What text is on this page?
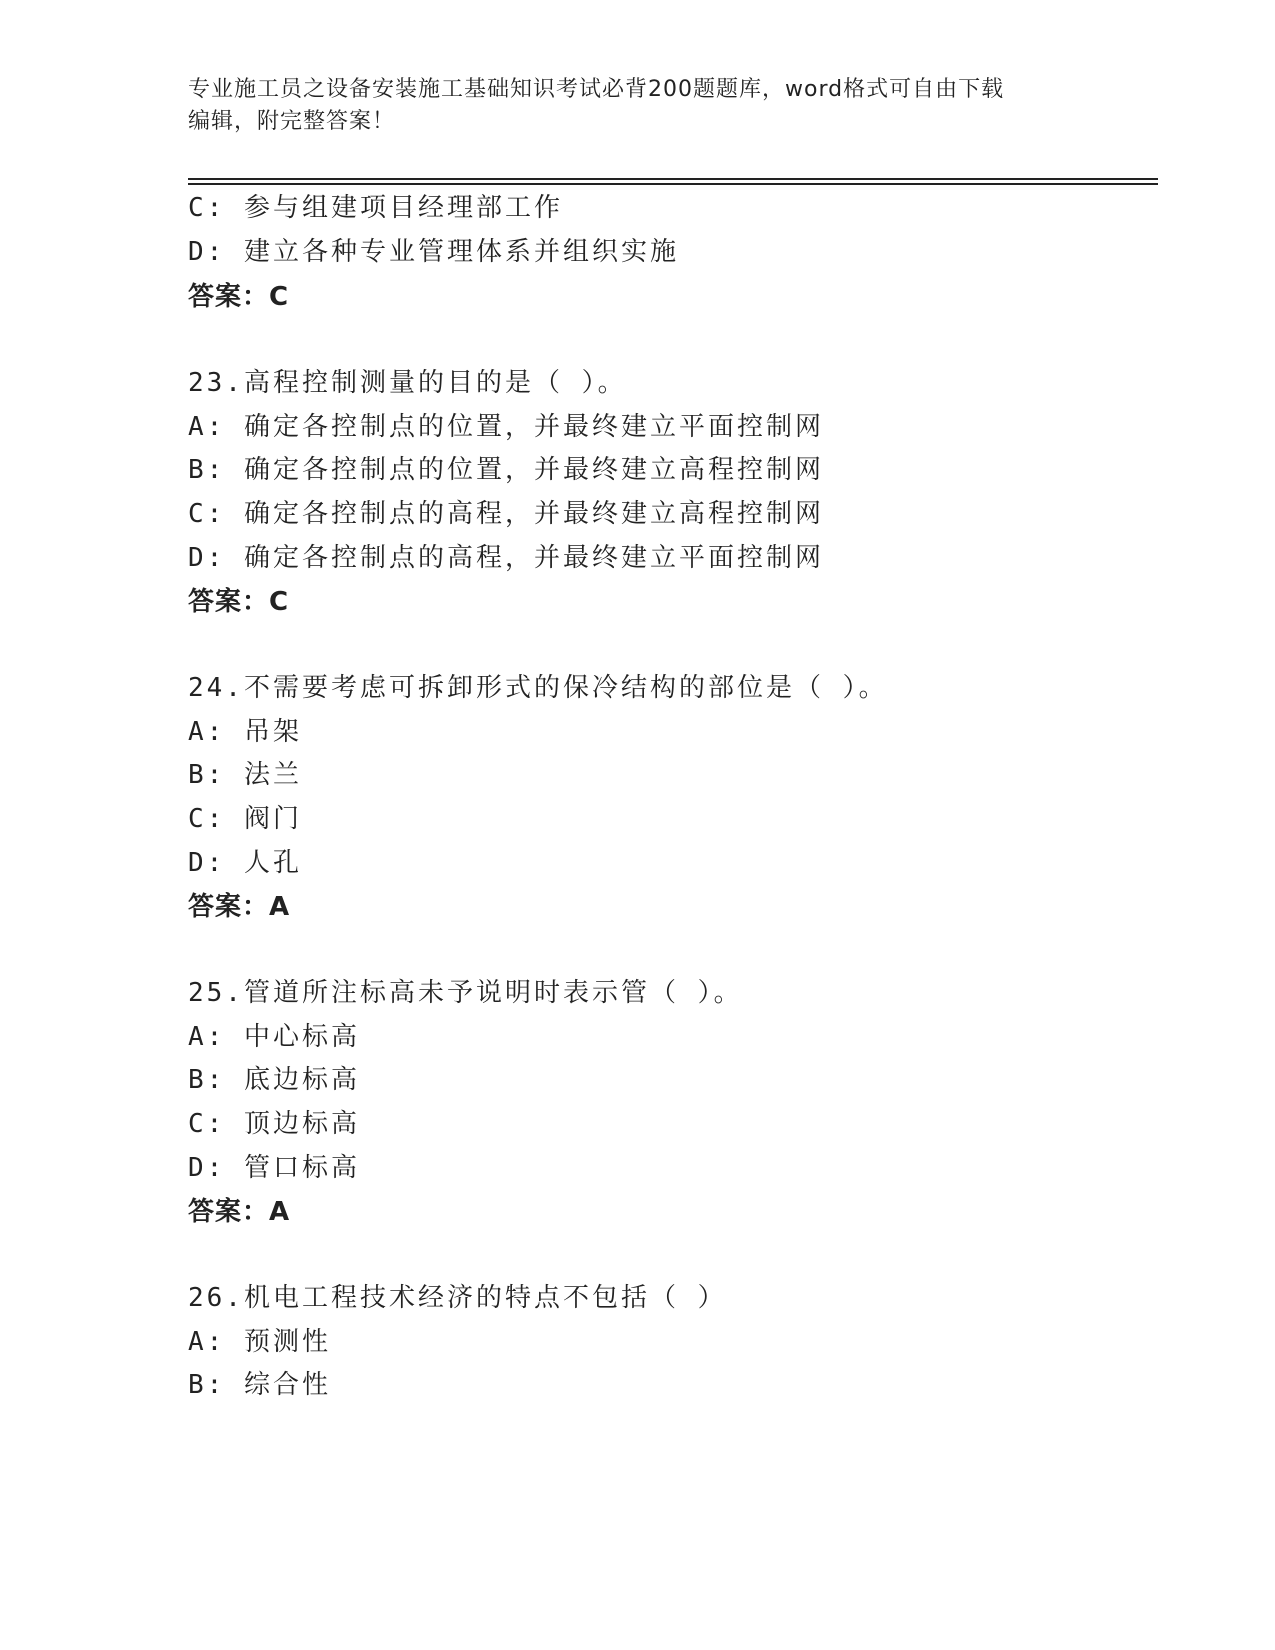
专业施工员之设备安装施工基础知识考试必背200题题库，word格式可自由下载
编辑，附完整答案！
C: 参与组建项目经理部工作
D: 建立各种专业管理体系并组织实施
答案：C
23.高程控制测量的目的是（ ）。
A: 确定各控制点的位置，并最终建立平面控制网
B: 确定各控制点的位置，并最终建立高程控制网
C: 确定各控制点的高程，并最终建立高程控制网
D: 确定各控制点的高程，并最终建立平面控制网
答案：C
24.不需要考虑可拆卸形式的保冷结构的部位是（ ）。
A: 吊架
B: 法兰
C: 阀门
D: 人孔
答案：A
25.管道所注标高未予说明时表示管（ ）。
A: 中心标高
B: 底边标高
C: 顶边标高
D: 管口标高
答案：A
26.机电工程技术经济的特点不包括（ ）
A: 预测性
B: 综合性
